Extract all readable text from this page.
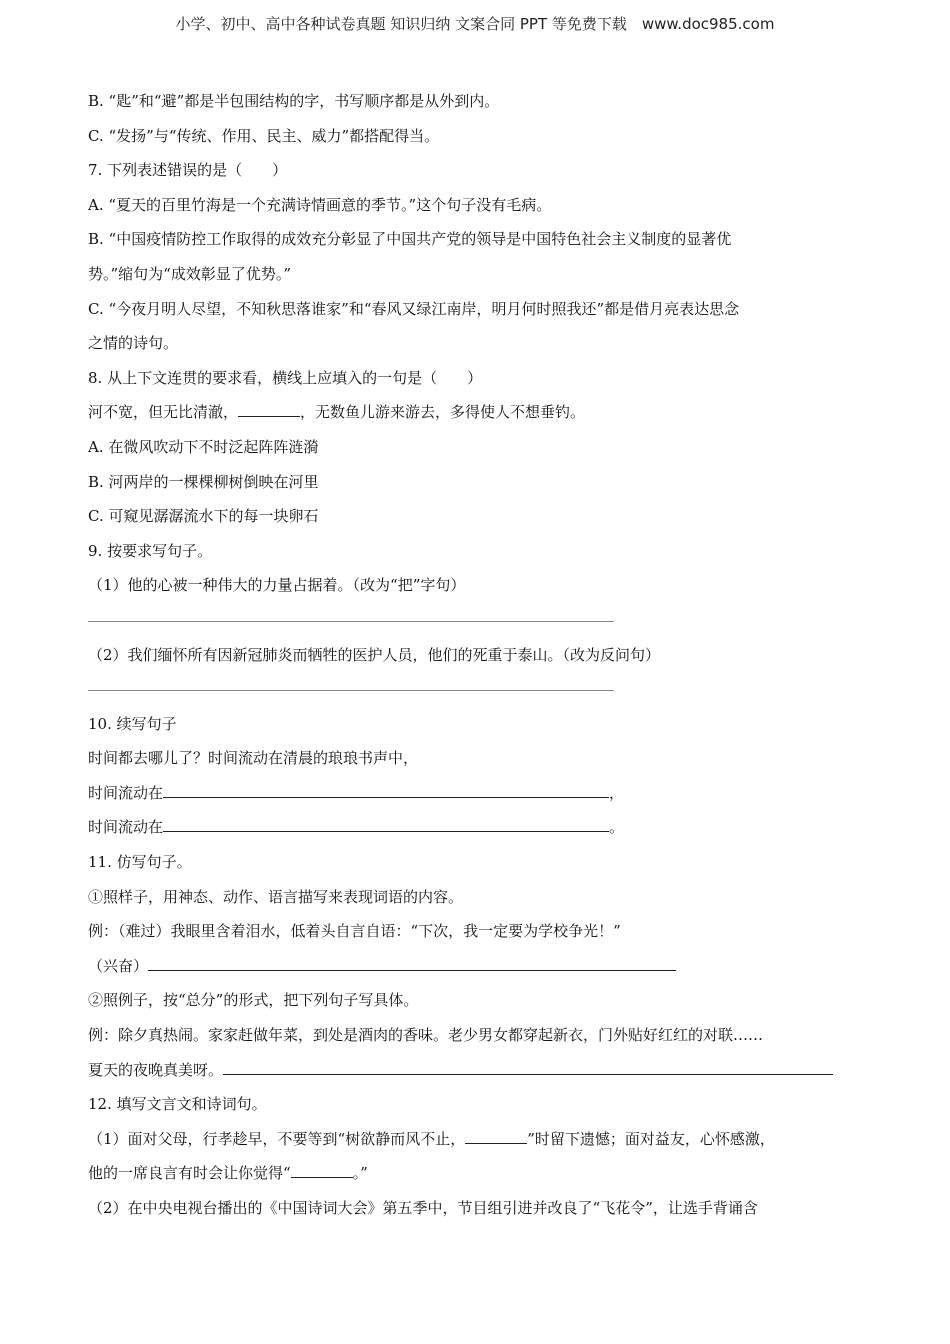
小学、初中、高中各种试卷真题 知识归纳 文案合同 PPT 等免费下载　www.doc985.com
B. “匙”和“避”都是半包围结构的字，书写顺序都是从外到内。
C. “发扬”与“传统、作用、民主、威力”都搭配得当。
7. 下列表述错误的是（　　）
A. “夏天的百里竹海是一个充满诗情画意的季节。”这个句子没有毛病。
B. “中国疫情防控工作取得的成效充分彰显了中国共产党的领导是中国特色社会主义制度的显著优
势。”缩句为“成效彰显了优势。”
C. “今夜月明人尽望，不知秋思落谁家”和“春风又绿江南岸，明月何时照我还”都是借月亮表达思念
之情的诗句。
8. 从上下文连贯的要求看，横线上应填入的一句是（　　）
河不宽，但无比清澈，	，无数鱼儿游来游去，多得使人不想垂钓。
A. 在微风吹动下不时泛起阵阵涟漪
B. 河两岸的一棵棵柳树倒映在河里
C. 可窥见潺潺流水下的每一块卵石
9. 按要求写句子。
（1）他的心被一种伟大的力量占据着。（改为“把”字句）
（2）我们缅怀所有因新冠肺炎而牺牲的医护人员，他们的死重于泰山。（改为反问句）
10. 续写句子
时间都去哪儿了？时间流动在清晨的琅琅书声中，
时间流动在	，
时间流动在	。
11. 仿写句子。
①照样子，用神态、动作、语言描写来表现词语的内容。
例：（难过）我眼里含着泪水，低着头自言自语：“下次，我一定要为学校争光！”
（兴奋）
②照例子，按“总分”的形式，把下列句子写具体。
例：除夕真热闹。家家赶做年菜，到处是酒肉的香味。老少男女都穿起新衣，门外贴好红红的对联……
夏天的夜晚真美呀。
12. 填写文言文和诗词句。
（1）面对父母，行孝趁早，不要等到“树欲静而风不止，	”时留下遗憾；面对益友，心怀感激，
他的一席良言有时会让你觉得“	。”
（2）在中央电视台播出的《中国诗词大会》第五季中，节目组引进并改良了“飞花令”，让选手背诵含
